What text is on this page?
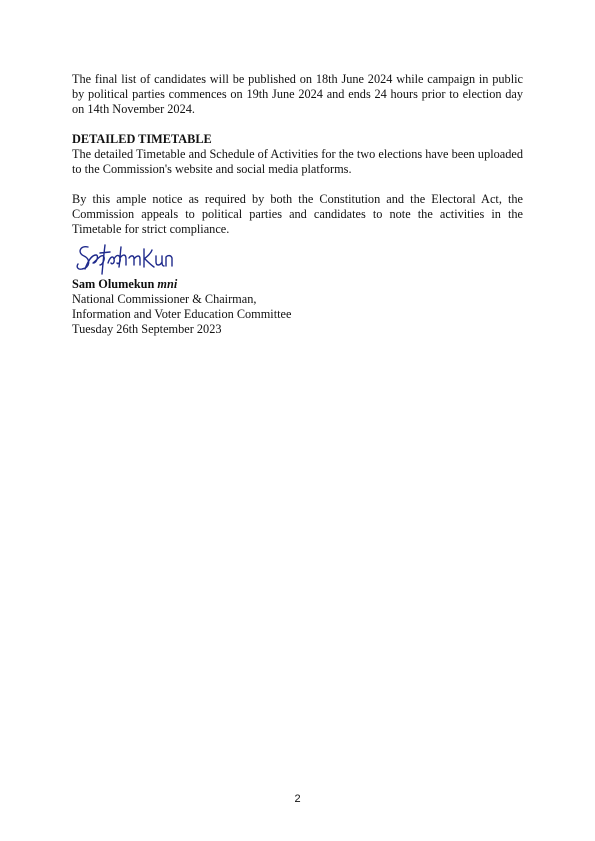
The final list of candidates will be published on 18th June 2024 while campaign in public by political parties commences on 19th June 2024 and ends 24 hours prior to election day on 14th November 2024.

DETAILED TIMETABLE
The detailed Timetable and Schedule of Activities for the two elections have been uploaded to the Commission's website and social media platforms.

By this ample notice as required by both the Constitution and the Electoral Act, the Commission appeals to political parties and candidates to note the activities in the Timetable for strict compliance.

Sam Olumekun mni
National Commissioner & Chairman,
Information and Voter Education Committee
Tuesday 26th September 2023
2
